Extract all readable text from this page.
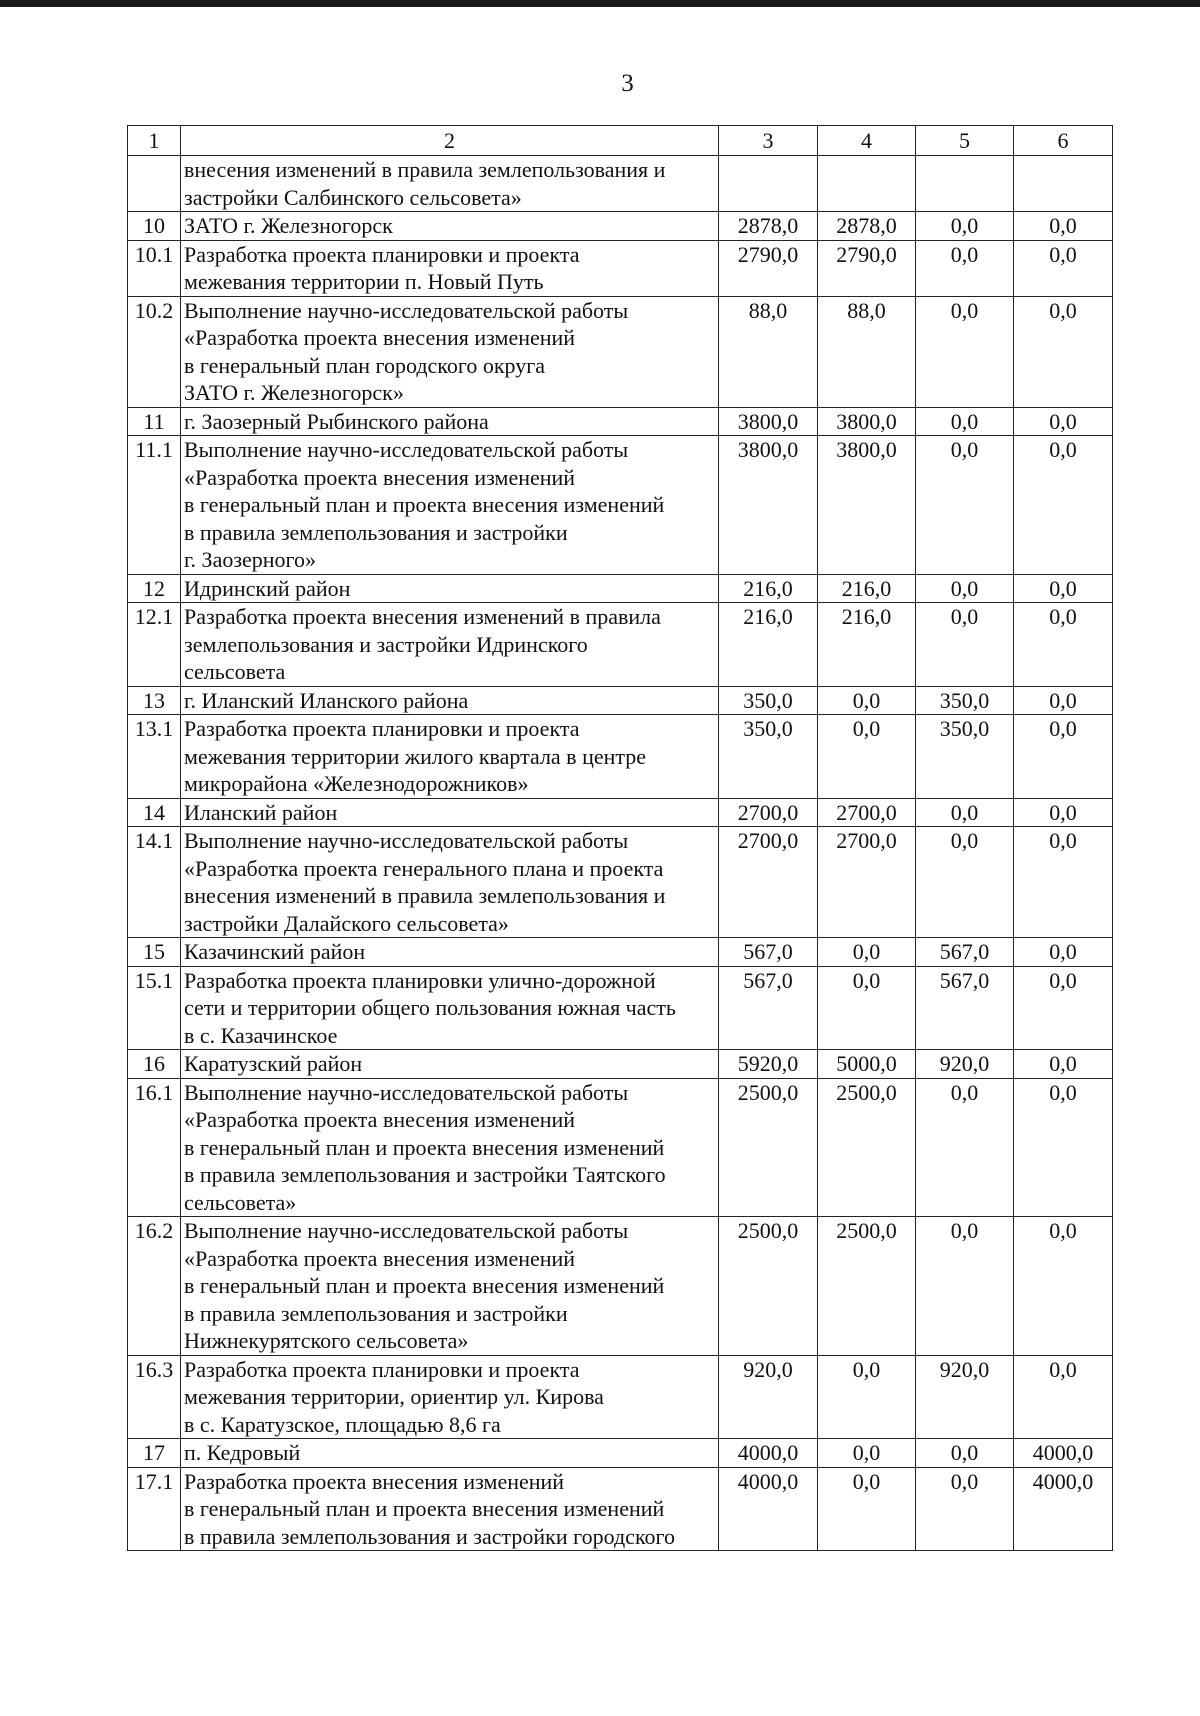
3
1	2	3	4	5	6
	внесения изменений в правила землепользования и
застройки Салбинского сельсовета»				
10	ЗАТО г. Железногорск	2878,0	2878,0	0,0	0,0
10.1	Разработка проекта планировки и проекта
межевания территории п. Новый Путь	2790,0	2790,0	0,0	0,0
10.2	Выполнение научно-исследовательской работы
«Разработка проекта внесения изменений
в генеральный план городского округа
ЗАТО г. Железногорск»	88,0	88,0	0,0	0,0
11	г. Заозерный Рыбинского района	3800,0	3800,0	0,0	0,0
11.1	Выполнение научно-исследовательской работы
«Разработка проекта внесения изменений
в генеральный план и проекта внесения изменений
в правила землепользования и застройки
г. Заозерного»	3800,0	3800,0	0,0	0,0
12	Идринский район	216,0	216,0	0,0	0,0
12.1	Разработка проекта внесения изменений в правила
землепользования и застройки Идринского
сельсовета	216,0	216,0	0,0	0,0
13	г. Иланский Иланского района	350,0	0,0	350,0	0,0
13.1	Разработка проекта планировки и проекта
межевания территории жилого квартала в центре
микрорайона «Железнодорожников»	350,0	0,0	350,0	0,0
14	Иланский район	2700,0	2700,0	0,0	0,0
14.1	Выполнение научно-исследовательской работы
«Разработка проекта генерального плана и проекта
внесения изменений в правила землепользования и
застройки Далайского сельсовета»	2700,0	2700,0	0,0	0,0
15	Казачинский район	567,0	0,0	567,0	0,0
15.1	Разработка проекта планировки улично-дорожной
сети и территории общего пользования южная часть
в с. Казачинское	567,0	0,0	567,0	0,0
16	Каратузский район	5920,0	5000,0	920,0	0,0
16.1	Выполнение научно-исследовательской работы
«Разработка проекта внесения изменений
в генеральный план и проекта внесения изменений
в правила землепользования и застройки Таятского
сельсовета»	2500,0	2500,0	0,0	0,0
16.2	Выполнение научно-исследовательской работы
«Разработка проекта внесения изменений
в генеральный план и проекта внесения изменений
в правила землепользования и застройки
Нижнекурятского сельсовета»	2500,0	2500,0	0,0	0,0
16.3	Разработка проекта планировки и проекта
межевания территории, ориентир ул. Кирова
в с. Каратузское, площадью 8,6 га	920,0	0,0	920,0	0,0
17	п. Кедровый	4000,0	0,0	0,0	4000,0
17.1	Разработка проекта внесения изменений
в генеральный план и проекта внесения изменений
в правила землепользования и застройки городского	4000,0	0,0	0,0	4000,0
